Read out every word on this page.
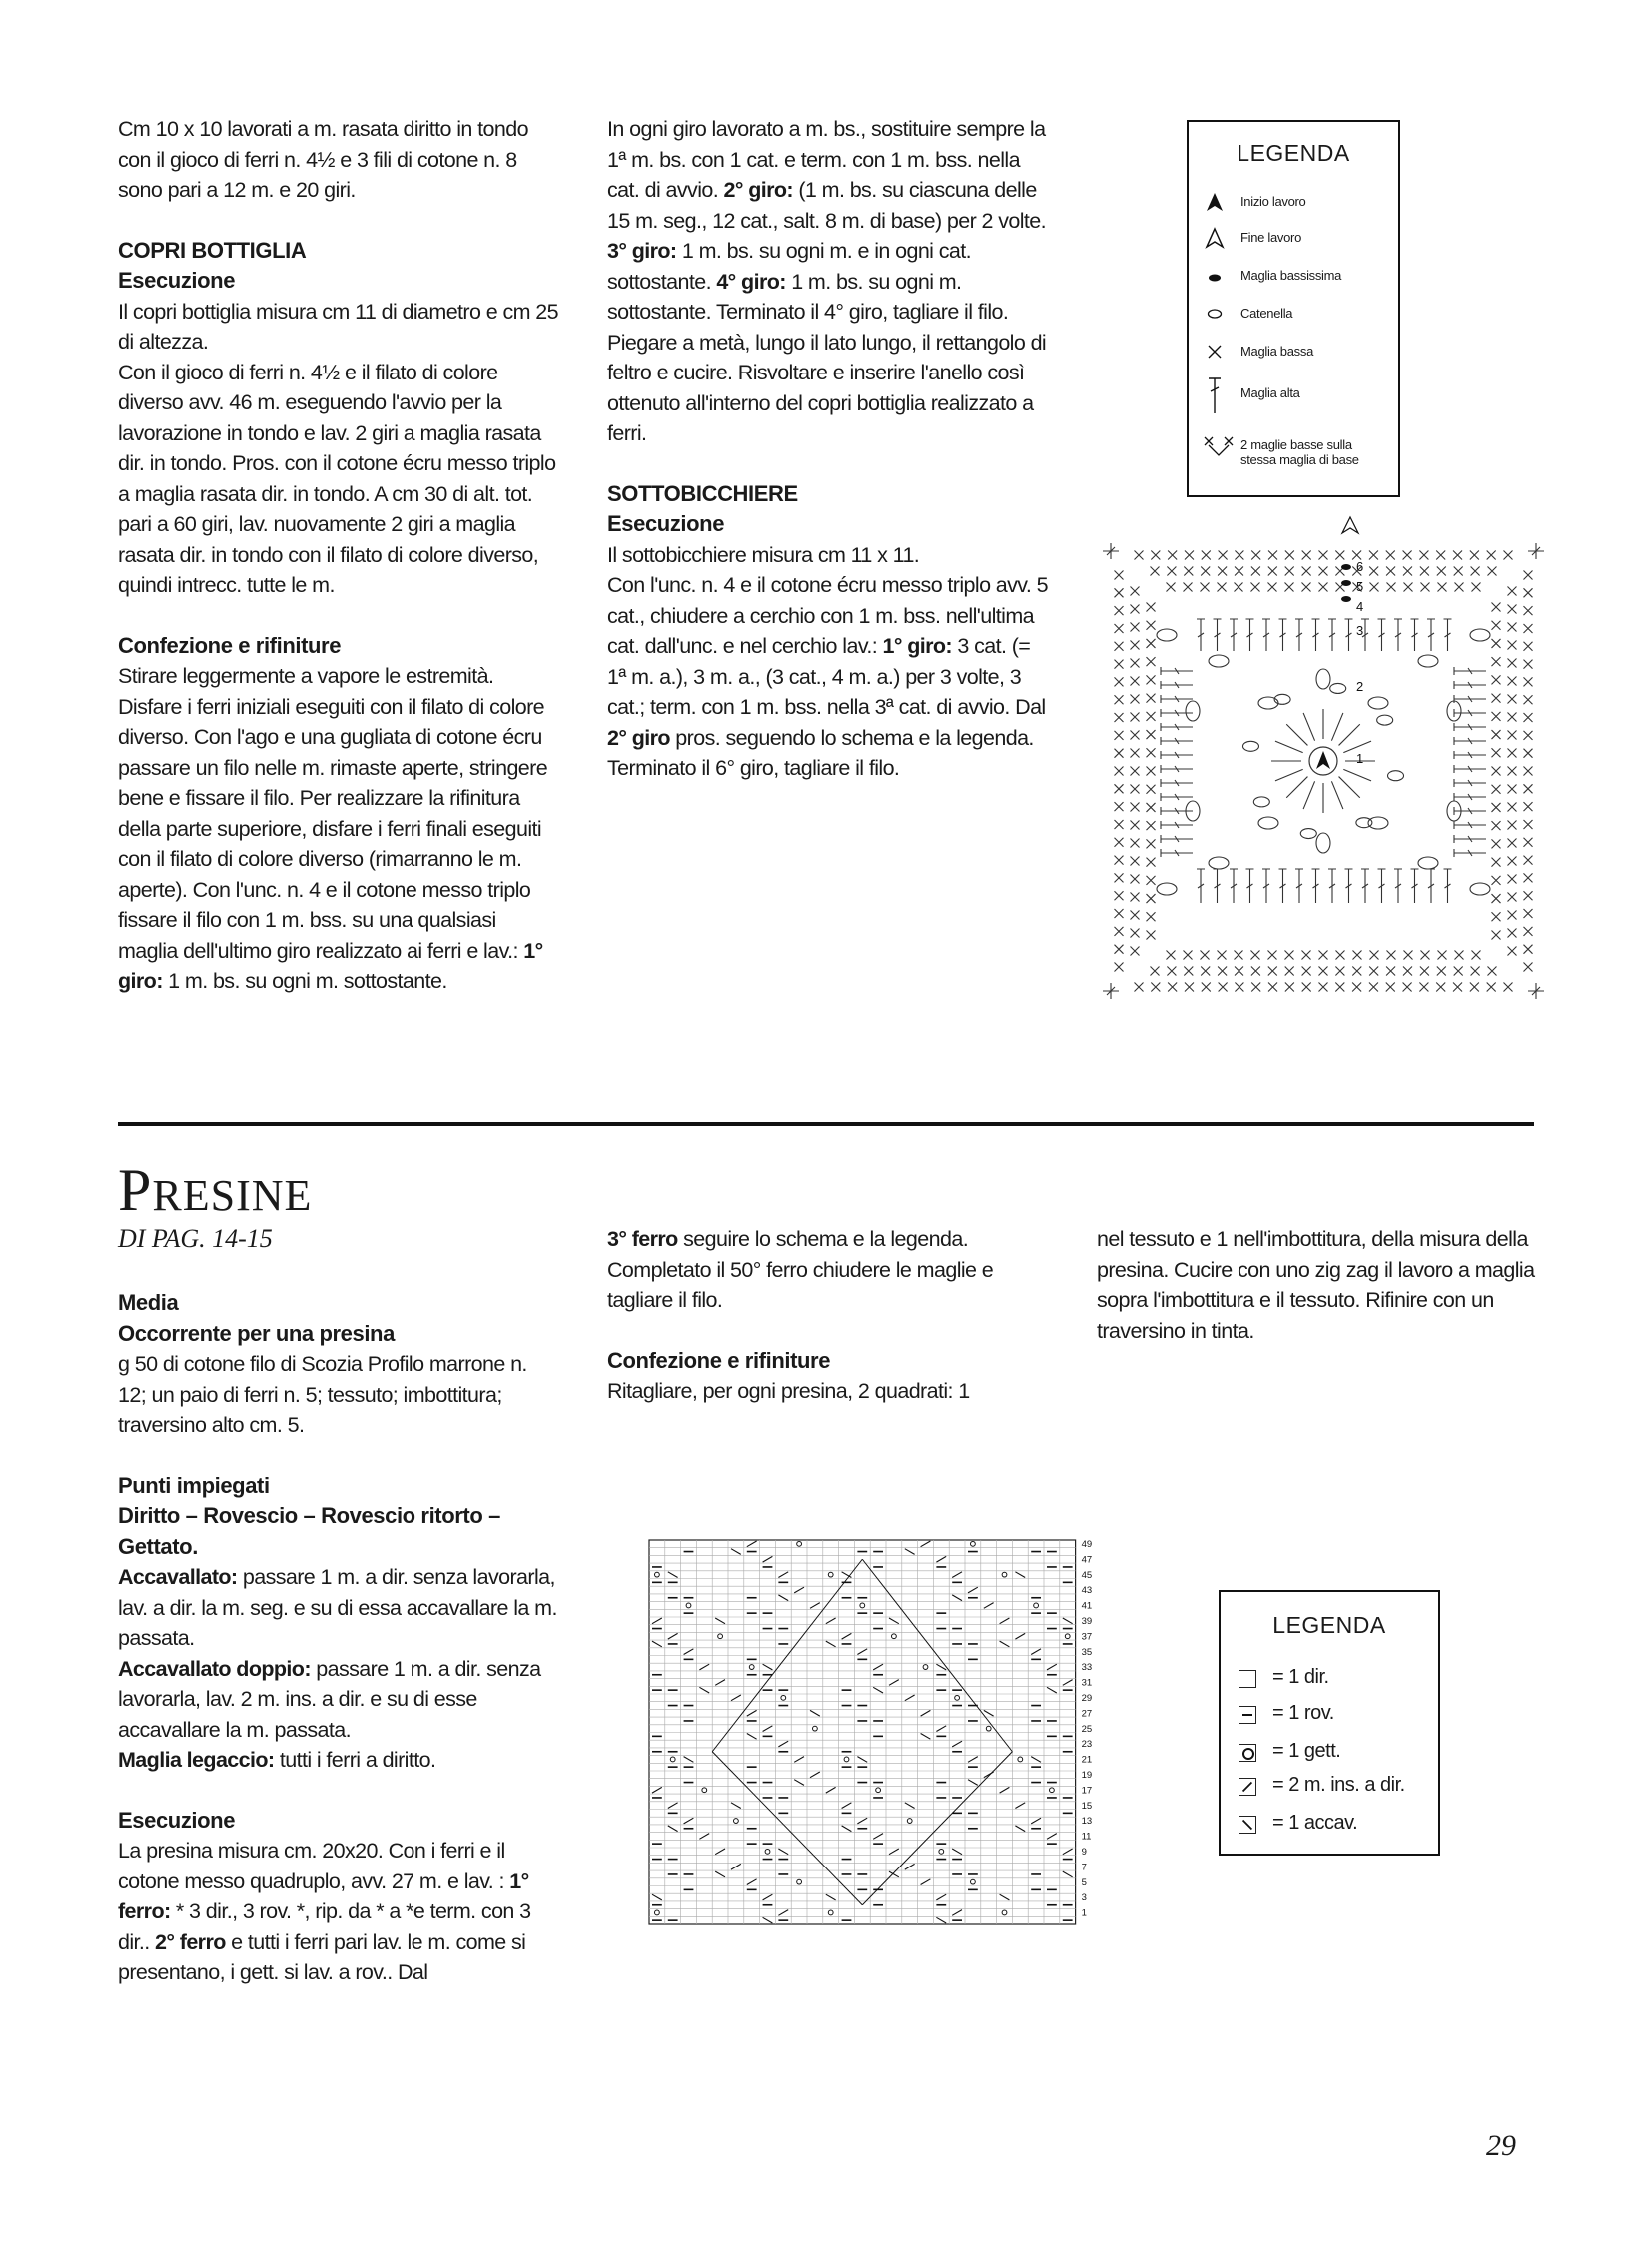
Cm 10 x 10 lavorati a m. rasata diritto in tondo con il gioco di ferri n. 4½ e 3 fili di cotone n. 8 sono pari a 12 m. e 20 giri.

COPRI BOTTIGLIA
Esecuzione

Il copri bottiglia misura cm 11 di diametro e cm 25 di altezza.

Con il gioco di ferri n. 4½ e il filato di colore diverso avv. 46 m. eseguendo l'avvio per la lavorazione in tondo e lav. 2 giri a maglia rasata dir. in tondo. Pros. con il cotone écru messo triplo a maglia rasata dir. in tondo. A cm 30 di alt. tot. pari a 60 giri, lav. nuovamente 2 giri a maglia rasata dir. in tondo con il filato di colore diverso, quindi intrecc. tutte le m.

Confezione e rifiniture

Stirare leggermente a vapore le estremità. Disfare i ferri iniziali eseguiti con il filato di colore diverso. Con l'ago e una gugliata di cotone écru passare un filo nelle m. rimaste aperte, stringere bene e fissare il filo. Per realizzare la rifinitura della parte superiore, disfare i ferri finali eseguiti con il filato di colore diverso (rimarranno le m. aperte). Con l'unc. n. 4 e il cotone messo triplo fissare il filo con 1 m. bss. su una qualsiasi maglia dell'ultimo giro realizzato ai ferri e lav.: 1° giro: 1 m. bs. su ogni m. sottostante.

In ogni giro lavorato a m. bs., sostituire sempre la 1ª m. bs. con 1 cat. e term. con 1 m. bss. nella cat. di avvio. 2° giro: (1 m. bs. su ciascuna delle 15 m. seg., 12 cat., salt. 8 m. di base) per 2 volte. 3° giro: 1 m. bs. su ogni m. e in ogni cat. sottostante. 4° giro: 1 m. bs. su ogni m. sottostante. Terminato il 4° giro, tagliare il filo. Piegare a metà, lungo il lato lungo, il rettangolo di feltro e cucire. Risvoltare e inserire l'anello così ottenuto all'interno del copri bottiglia realizzato a ferri.

SOTTOBICCHIERE
Esecuzione

Il sottobicchiere misura cm 11 x 11.

Con l'unc. n. 4 e il cotone écru messo triplo avv. 5 cat., chiudere a cerchio con 1 m. bss. nell'ultima cat. dall'unc. e nel cerchio lav.: 1° giro: 3 cat. (= 1ª m. a.), 3 m. a., (3 cat., 4 m. a.) per 3 volte, 3 cat.; term. con 1 m. bss. nella 3ª cat. di avvio. Dal 2° giro pros. seguendo lo schema e la legenda. Terminato il 6° giro, tagliare il filo.

LEGENDA
Inizio lavoro
Fine lavoro
Maglia bassissima
Catenella
Maglia bassa
Maglia alta
2 maglie basse sulla stessa maglia di base
1
2
3
4
5
6
PRESINE
DI PAG. 14-15
Media
Occorrente per una presina

g 50 di cotone filo di Scozia Profilo marrone n. 12; un paio di ferri n. 5; tessuto; imbottitura; traversino alto cm. 5.

Punti impiegati
Diritto – Rovescio – Rovescio ritorto – Gettato.

Accavallato: passare 1 m. a dir. senza lavorarla, lav. a dir. la m. seg. e su di essa accavallare la m. passata.

Accavallato doppio: passare 1 m. a dir. senza lavorarla, lav. 2 m. ins. a dir. e su di esse accavallare la m. passata.

Maglia legaccio: tutti i ferri a diritto.

Esecuzione

La presina misura cm. 20x20. Con i ferri e il cotone messo quadruplo, avv. 27 m. e lav. : 1° ferro: * 3 dir., 3 rov. *, rip. da * a *e term. con 3 dir.. 2° ferro e tutti i ferri pari lav. le m. come si presentano, i gett. si lav. a rov.. Dal

3° ferro seguire lo schema e la legenda. Completato il 50° ferro chiudere le maglie e tagliare il filo.

Confezione e rifiniture

Ritagliare, per ogni presina, 2 quadrati: 1

nel tessuto e 1 nell'imbottitura, della misura della presina. Cucire con uno zig zag il lavoro a maglia sopra l'imbottitura e il tessuto. Rifinire con un traversino in tinta.

49
47
45
43
41
39
37
35
33
31
29
27
25
23
21
19
17
15
13
11
9
7
5
3
1
LEGENDA
= 1 dir.
= 1 rov.
= 1 gett.
= 2 m. ins. a dir.
= 1 accav.
29
